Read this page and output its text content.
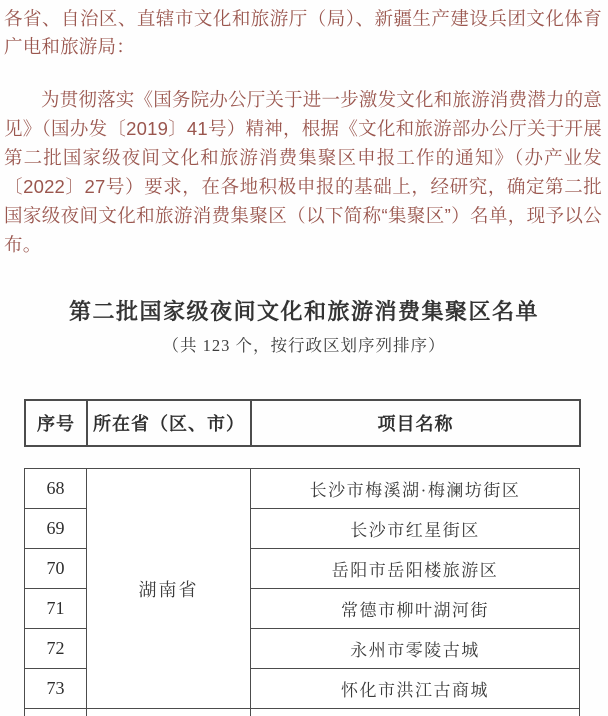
各省、自治区、直辖市文化和旅游厅（局）、新疆生产建设兵团文化体育广电和旅游局：
为贯彻落实《国务院办公厅关于进一步激发文化和旅游消费潜力的意见》（国办发〔2019〕41号）精神，根据《文化和旅游部办公厅关于开展第二批国家级夜间文化和旅游消费集聚区申报工作的通知》（办产业发〔2022〕27号）要求，在各地积极申报的基础上，经研究，确定第二批国家级夜间文化和旅游消费集聚区（以下简称“集聚区”）名单，现予以公布。
第二批国家级夜间文化和旅游消费集聚区名单
（共 123 个，按行政区划序列排序）
序号	所在省（区、市）	项目名称
68	湖南省	长沙市梅溪湖·梅澜坊街区
69		长沙市红星街区
70		岳阳市岳阳楼旅游区
71		常德市柳叶湖河街
72		永州市零陵古城
73		怀化市洪江古商城
